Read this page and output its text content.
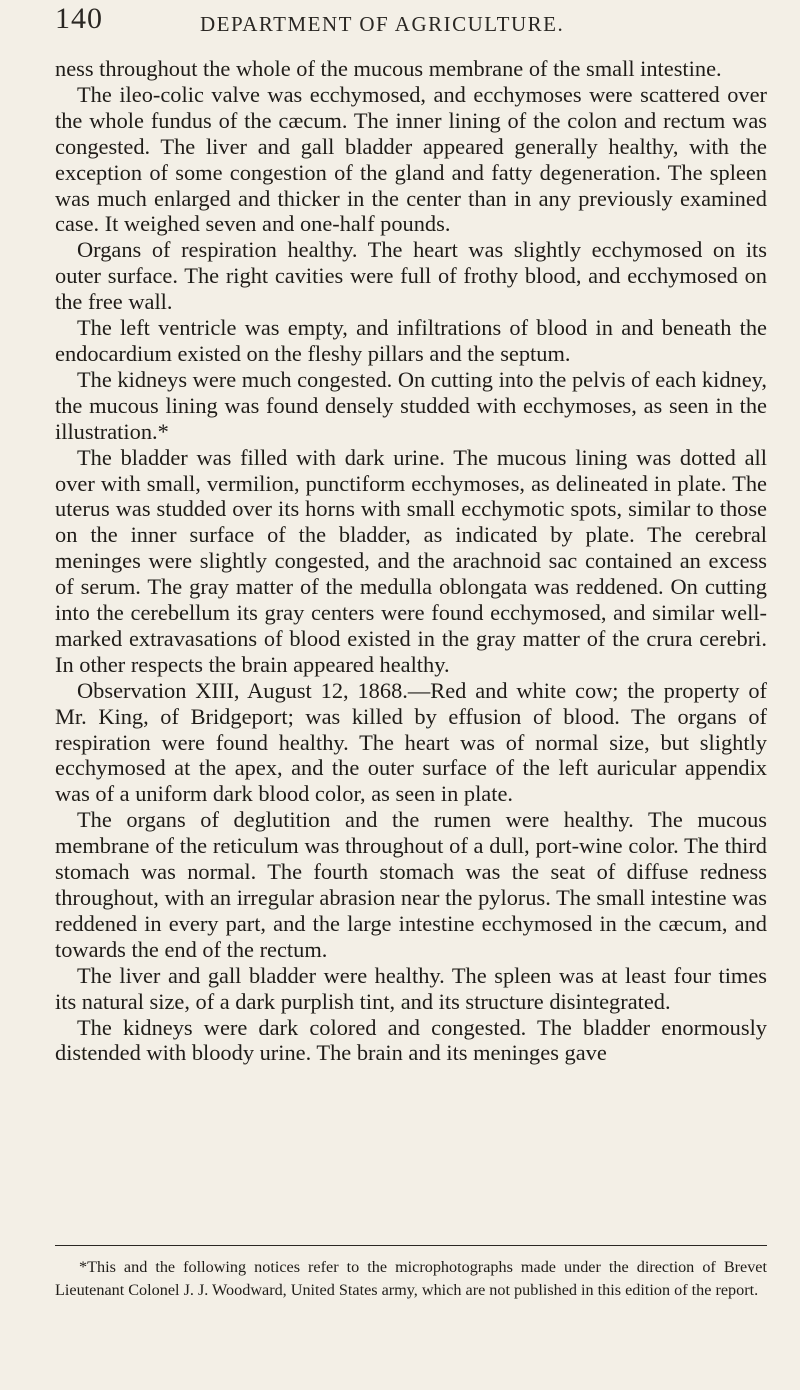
140	DEPARTMENT OF AGRICULTURE.

ness throughout the whole of the mucous membrane of the small intestine.

The ileo-colic valve was ecchymosed, and ecchymoses were scattered over the whole fundus of the cæcum. The inner lining of the colon and rectum was congested. The liver and gall bladder appeared generally healthy, with the exception of some congestion of the gland and fatty degeneration. The spleen was much enlarged and thicker in the center than in any previously examined case. It weighed seven and one-half pounds.

Organs of respiration healthy. The heart was slightly ecchymosed on its outer surface. The right cavities were full of frothy blood, and ecchymosed on the free wall.

The left ventricle was empty, and infiltrations of blood in and beneath the endocardium existed on the fleshy pillars and the septum.

The kidneys were much congested. On cutting into the pelvis of each kidney, the mucous lining was found densely studded with ecchymoses, as seen in the illustration.*

The bladder was filled with dark urine. The mucous lining was dotted all over with small, vermilion, punctiform ecchymoses, as delineated in plate. The uterus was studded over its horns with small ecchymotic spots, similar to those on the inner surface of the bladder, as indicated by plate. The cerebral meninges were slightly congested, and the arachnoid sac contained an excess of serum. The gray matter of the medulla oblongata was reddened. On cutting into the cerebellum its gray centers were found ecchymosed, and similar well-marked extravasations of blood existed in the gray matter of the crura cerebri. In other respects the brain appeared healthy.

Observation XIII, August 12, 1868.—Red and white cow; the property of Mr. King, of Bridgeport; was killed by effusion of blood. The organs of respiration were found healthy. The heart was of normal size, but slightly ecchymosed at the apex, and the outer surface of the left auricular appendix was of a uniform dark blood color, as seen in plate.

The organs of deglutition and the rumen were healthy. The mucous membrane of the reticulum was throughout of a dull, port-wine color. The third stomach was normal. The fourth stomach was the seat of diffuse redness throughout, with an irregular abrasion near the pylorus. The small intestine was reddened in every part, and the large intestine ecchymosed in the cæcum, and towards the end of the rectum.

The liver and gall bladder were healthy. The spleen was at least four times its natural size, of a dark purplish tint, and its structure disintegrated.

The kidneys were dark colored and congested. The bladder enormously distended with bloody urine. The brain and its meninges gave

*This and the following notices refer to the microphotographs made under the direction of Brevet Lieutenant Colonel J. J. Woodward, United States army, which are not published in this edition of the report.
